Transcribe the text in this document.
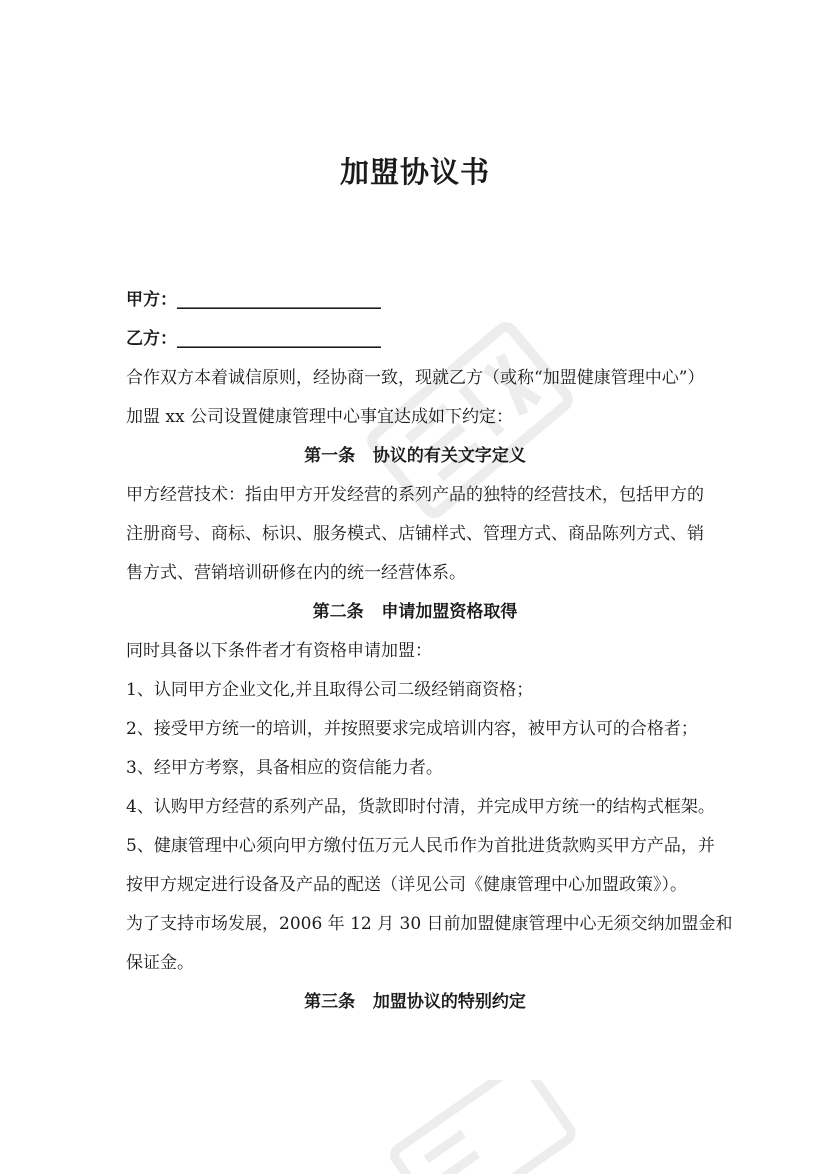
加盟协议书
甲方：________________________
乙方：________________________
合作双方本着诚信原则，经协商一致，现就乙方（或称“加盟健康管理中心”）
加盟 xx 公司设置健康管理中心事宜达成如下约定：
第一条   协议的有关文字定义
甲方经营技术：指由甲方开发经营的系列产品的独特的经营技术，包括甲方的
注册商号、商标、标识、服务模式、店铺样式、管理方式、商品陈列方式、销
售方式、营销培训研修在内的统一经营体系。
第二条   申请加盟资格取得
同时具备以下条件者才有资格申请加盟：
1、认同甲方企业文化,并且取得公司二级经销商资格；
2、接受甲方统一的培训，并按照要求完成培训内容，被甲方认可的合格者；
3、经甲方考察，具备相应的资信能力者。
4、认购甲方经营的系列产品，货款即时付清，并完成甲方统一的结构式框架。
5、健康管理中心须向甲方缴付伍万元人民币作为首批进货款购买甲方产品，并
按甲方规定进行设备及产品的配送（详见公司《健康管理中心加盟政策》）。
为了支持市场发展，2006 年 12 月 30 日前加盟健康管理中心无须交纳加盟金和
保证金。
第三条   加盟协议的特别约定
